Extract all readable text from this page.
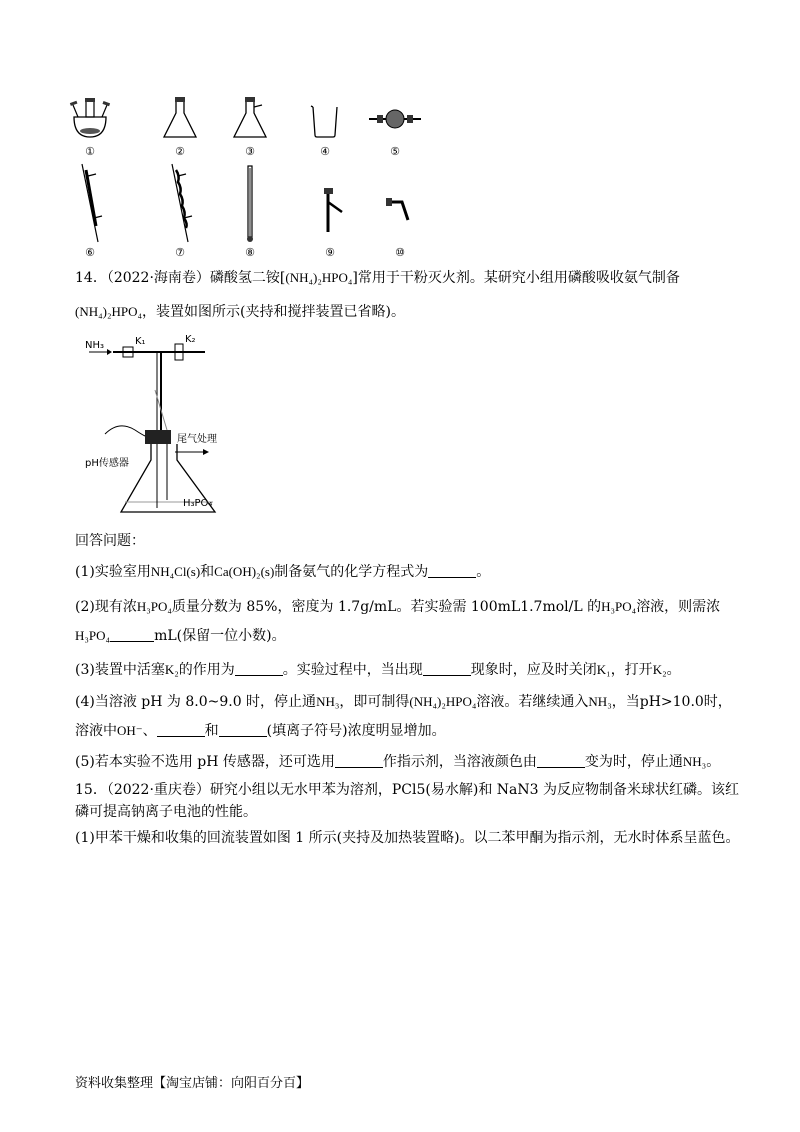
①	②	③	④	⑤
⑥	⑦	⑧	⑨	⑩
14．（2022·海南卷）磷酸氢二铵[(NH₄)₂HPO₄]常用于干粉灭火剂。某研究小组用磷酸吸收氨气制备
(NH₄)₂HPO₄，装置如图所示(夹持和搅拌装置已省略)。
NH₃	K₁	K₂
尾气处理
pH传感器
H₃PO₄
回答问题：
(1)实验室用NH₄Cl(s)和Ca(OH)₂(s)制备氨气的化学方程式为	。
(2)现有浓H₃PO₄质量分数为 85%，密度为 1.7g/mL。若实验需 100mL1.7mol/L 的H₃PO₄溶液，则需浓
H₃PO₄	mL(保留一位小数)。
(3)装置中活塞K₂的作用为	。实验过程中，当出现	现象时，应及时关闭K₁，打开K₂。
(4)当溶液 pH 为 8.0~9.0 时，停止通NH₃，即可制得(NH₄)₂HPO₄溶液。若继续通入NH₃，当pH>10.0时，
溶液中OH⁻、	和	(填离子符号)浓度明显增加。
(5)若本实验不选用 pH 传感器，还可选用	作指示剂，当溶液颜色由	变为时，停止通NH₃。
15．（2022·重庆卷）研究小组以无水甲苯为溶剂，PCl5(易水解)和 NaN3 为反应物制备米球状红磷。该红
磷可提高钠离子电池的性能。
(1)甲苯干燥和收集的回流装置如图 1 所示(夹持及加热装置略)。以二苯甲酮为指示剂，无水时体系呈蓝色。
资料收集整理【淘宝店铺：向阳百分百】
